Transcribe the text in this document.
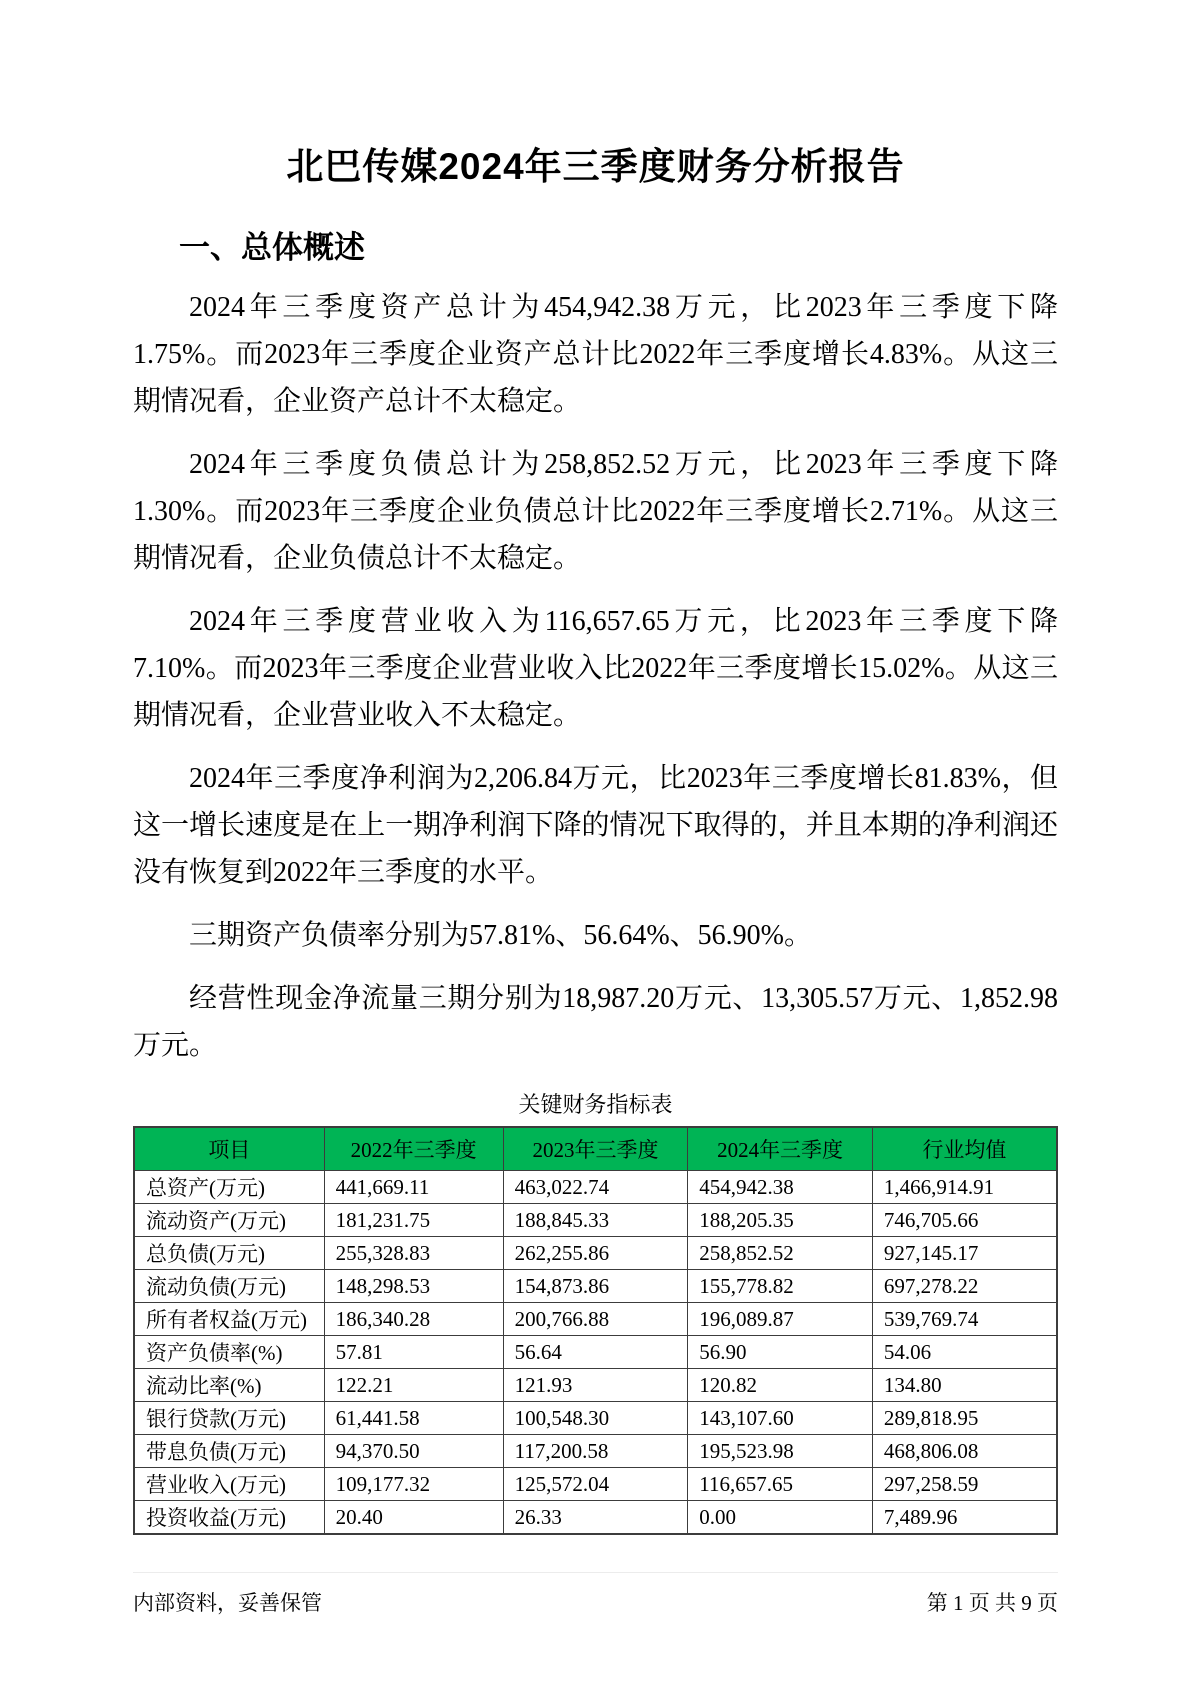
北巴传媒2024年三季度财务分析报告
一、总体概述

2024年三季度资产总计为454,942.38万元，比2023年三季度下降1.75%。而2023年三季度企业资产总计比2022年三季度增长4.83%。从这三期情况看，企业资产总计不太稳定。

2024年三季度负债总计为258,852.52万元，比2023年三季度下降1.30%。而2023年三季度企业负债总计比2022年三季度增长2.71%。从这三期情况看，企业负债总计不太稳定。

2024年三季度营业收入为116,657.65万元，比2023年三季度下降7.10%。而2023年三季度企业营业收入比2022年三季度增长15.02%。从这三期情况看，企业营业收入不太稳定。

2024年三季度净利润为2,206.84万元，比2023年三季度增长81.83%，但这一增长速度是在上一期净利润下降的情况下取得的，并且本期的净利润还没有恢复到2022年三季度的水平。

三期资产负债率分别为57.81%、56.64%、56.90%。

经营性现金净流量三期分别为18,987.20万元、13,305.57万元、1,852.98万元。

关键财务指标表
项目	2022年三季度	2023年三季度	2024年三季度	行业均值
总资产(万元)	441,669.11	463,022.74	454,942.38	1,466,914.91
流动资产(万元)	181,231.75	188,845.33	188,205.35	746,705.66
总负债(万元)	255,328.83	262,255.86	258,852.52	927,145.17
流动负债(万元)	148,298.53	154,873.86	155,778.82	697,278.22
所有者权益(万元)	186,340.28	200,766.88	196,089.87	539,769.74
资产负债率(%)	57.81	56.64	56.90	54.06
流动比率(%)	122.21	121.93	120.82	134.80
银行贷款(万元)	61,441.58	100,548.30	143,107.60	289,818.95
带息负债(万元)	94,370.50	117,200.58	195,523.98	468,806.08
营业收入(万元)	109,177.32	125,572.04	116,657.65	297,258.59
投资收益(万元)	20.40	26.33	0.00	7,489.96
内部资料，妥善保管	第 1 页 共 9 页
